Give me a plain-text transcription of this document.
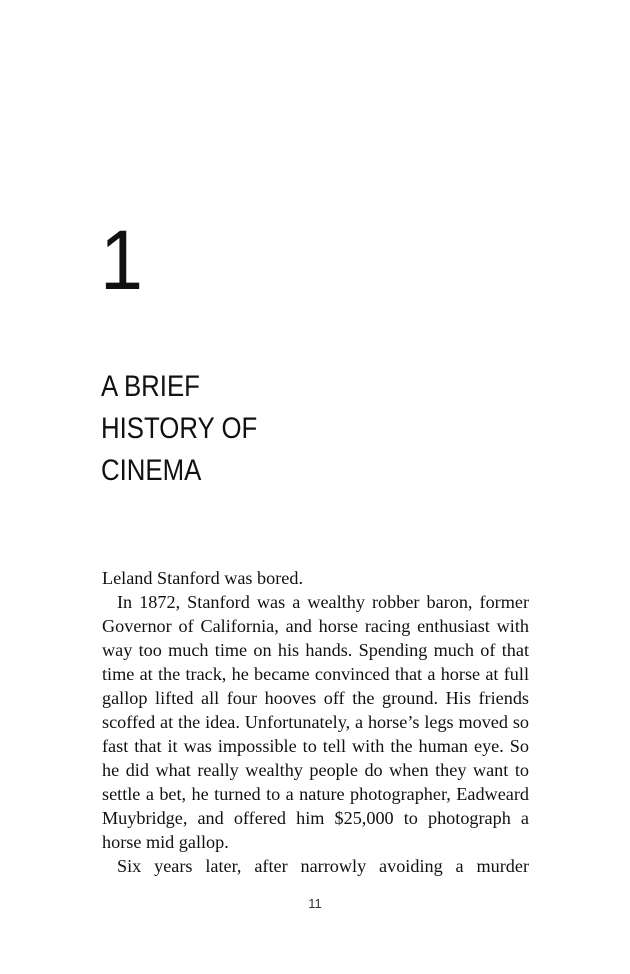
1
A BRIEF
HISTORY OF
CINEMA

Leland Stanford was bored.

In 1872, Stanford was a wealthy robber baron, former Governor of California, and horse racing enthusiast with way too much time on his hands. Spending much of that time at the track, he became convinced that a horse at full gallop lifted all four hooves off the ground. His friends scoffed at the idea. Unfortunately, a horse’s legs moved so fast that it was impossible to tell with the human eye. So he did what really wealthy people do when they want to settle a bet, he turned to a nature photographer, Eadweard Muybridge, and offered him $25,000 to photograph a horse mid gallop.

Six years later, after narrowly avoiding a murder

11
